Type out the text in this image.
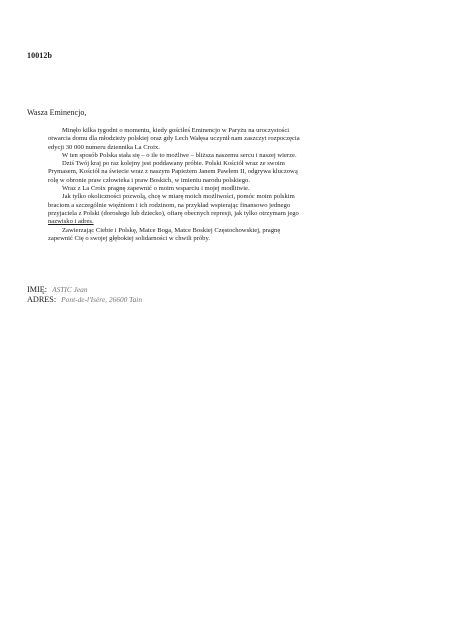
10012b
Wasza Eminencjo,
Minęło kilka tygodni o momentu, kiedy gościłeś Eminencjo w Paryżu na uroczystości
otwarcia domu dla młodzieży polskiej oraz gdy Lech Wałęsa uczynił nam zaszczyt rozpoczęcia
edycji 30 000 numeru dziennika La Croix.
W ten sposób Polska stała się – o ile to możliwe – bliższa naszemu sercu i naszej wierze.
Dziś Twój kraj po raz kolejny jest poddawany próbie. Polski Kościół wraz ze swoim
Prymasem, Kościół na świecie wraz z naszym Papieżem Janem Pawłem II, odgrywa kluczową
rolę w obronie praw człowieka i praw Boskich, w imieniu narodu polskiego.
Wraz z La Croix pragnę zapewnić o moim wsparciu i mojej modlitwie.
Jak tylko okoliczności pozwolą, chcę w miarę moich możliwości, pomóc moim polskim
braciom a szczególnie więźniom i ich rodzinom, na przykład wspierając finansowo jednego
przyjaciela z Polski (dorosłego lub dziecko), ofiarę obecnych represji, jak tylko otrzymam jego
nazwisko i adres.
Zawierzając Ciebie i Polskę, Matce Boga, Matce Boskiej Częstochowskiej, pragnę
zapewnić Cię o swojej głębokiej solidarności w chwili próby.
IMIĘ: ASTIC Jean
ADRES: Pont-de-l'Isère, 26600 Tain
